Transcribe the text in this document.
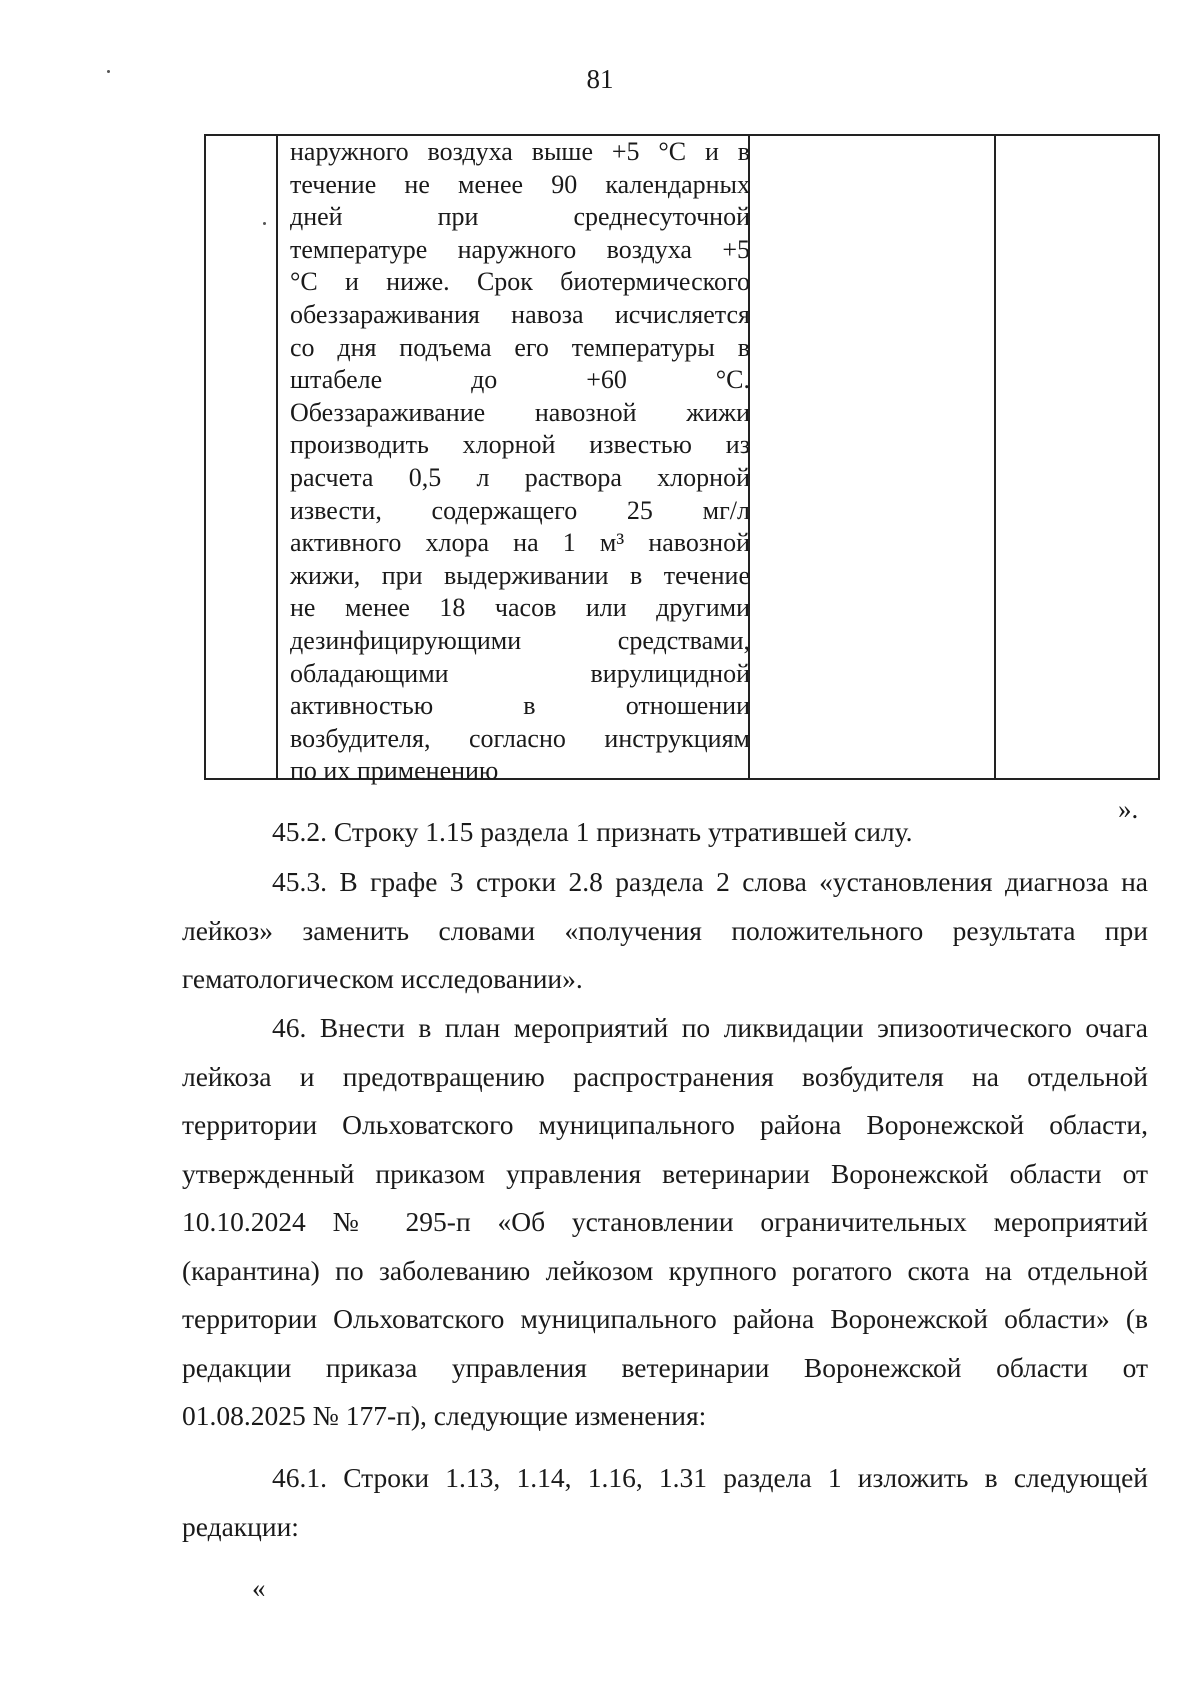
81
наружного воздуха выше +5 °С и в
течение не менее 90 календарных
дней при среднесуточной
температуре наружного воздуха +5
°С и ниже. Срок биотермического
обеззараживания навоза исчисляется
со дня подъема его температуры в
штабеле до +60 °С.
Обеззараживание навозной жижи
производить хлорной известью из
расчета 0,5 л раствора хлорной
извести, содержащего 25 мг/л
активного хлора на 1 м³ навозной
жижи, при выдерживании в течение
не менее 18 часов или другими
дезинфицирующими средствами,
обладающими вирулицидной
активностью в отношении
возбудителя, согласно инструкциям
по их применению
».
45.2. Строку 1.15 раздела 1 признать утратившей силу.
45.3. В графе 3 строки 2.8 раздела 2 слова «установления диагноза на
лейкоз» заменить словами «получения положительного результата при
гематологическом исследовании».
46. Внести в план мероприятий по ликвидации эпизоотического очага
лейкоза и предотвращению распространения возбудителя на отдельной
территории Ольховатского муниципального района Воронежской области,
утвержденный приказом управления ветеринарии Воронежской области от
10.10.2024 № 295-п «Об установлении ограничительных мероприятий
(карантина) по заболеванию лейкозом крупного рогатого скота на отдельной
территории Ольховатского муниципального района Воронежской области» (в
редакции приказа управления ветеринарии Воронежской области от
01.08.2025 № 177-п), следующие изменения:
46.1. Строки 1.13, 1.14, 1.16, 1.31 раздела 1 изложить в следующей
редакции:
«
